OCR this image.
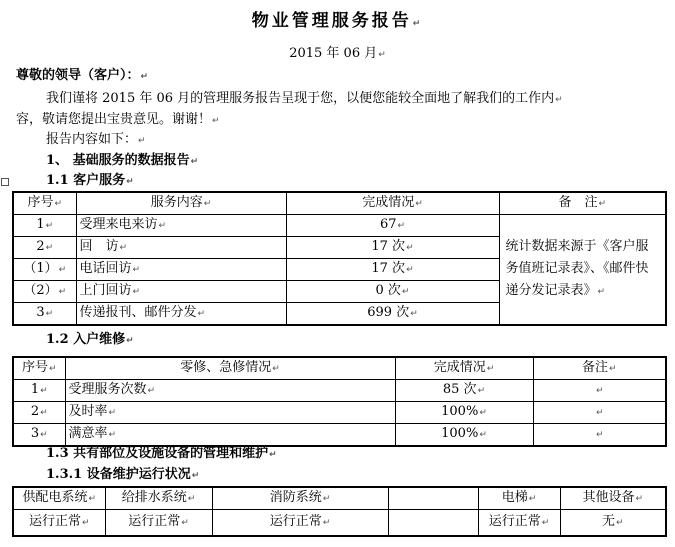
物业管理服务报告↵
2015 年 06 月↵
尊敬的领导（客户）：↵
我们谨将 2015 年 06 月的管理服务报告呈现于您，以便您能较全面地了解我们的工作内↵
容，敬请您提出宝贵意见。谢谢！↵
报告内容如下：↵
1、 基础服务的数据报告↵
1.1 客户服务↵
序号↵	服务内容↵	完成情况↵	备　注↵
1↵	受理来电来访↵	67↵	统计数据来源于《客户服务值班记录表》、《邮件快递分发记录表》↵
2↵	回　访↵	17 次↵	
（1）↵	电话回访↵	17 次↵	
（2）↵	上门回访↵	0 次↵	
3↵	传递报刊、邮件分发↵	699 次↵	
1.2 入户维修↵
序号↵	零修、急修情况↵	完成情况↵	备注↵
1↵	受理服务次数↵	85 次↵	↵
2↵	及时率↵	100%↵	↵
3↵	满意率↵	100%↵	↵
1.3 共有部位及设施设备的管理和维护↵
1.3.1 设备维护运行状况↵
供配电系统↵	给排水系统↵	消防系统↵		电梯↵	其他设备↵
运行正常↵	运行正常↵	运行正常↵		运行正常↵	无↵
